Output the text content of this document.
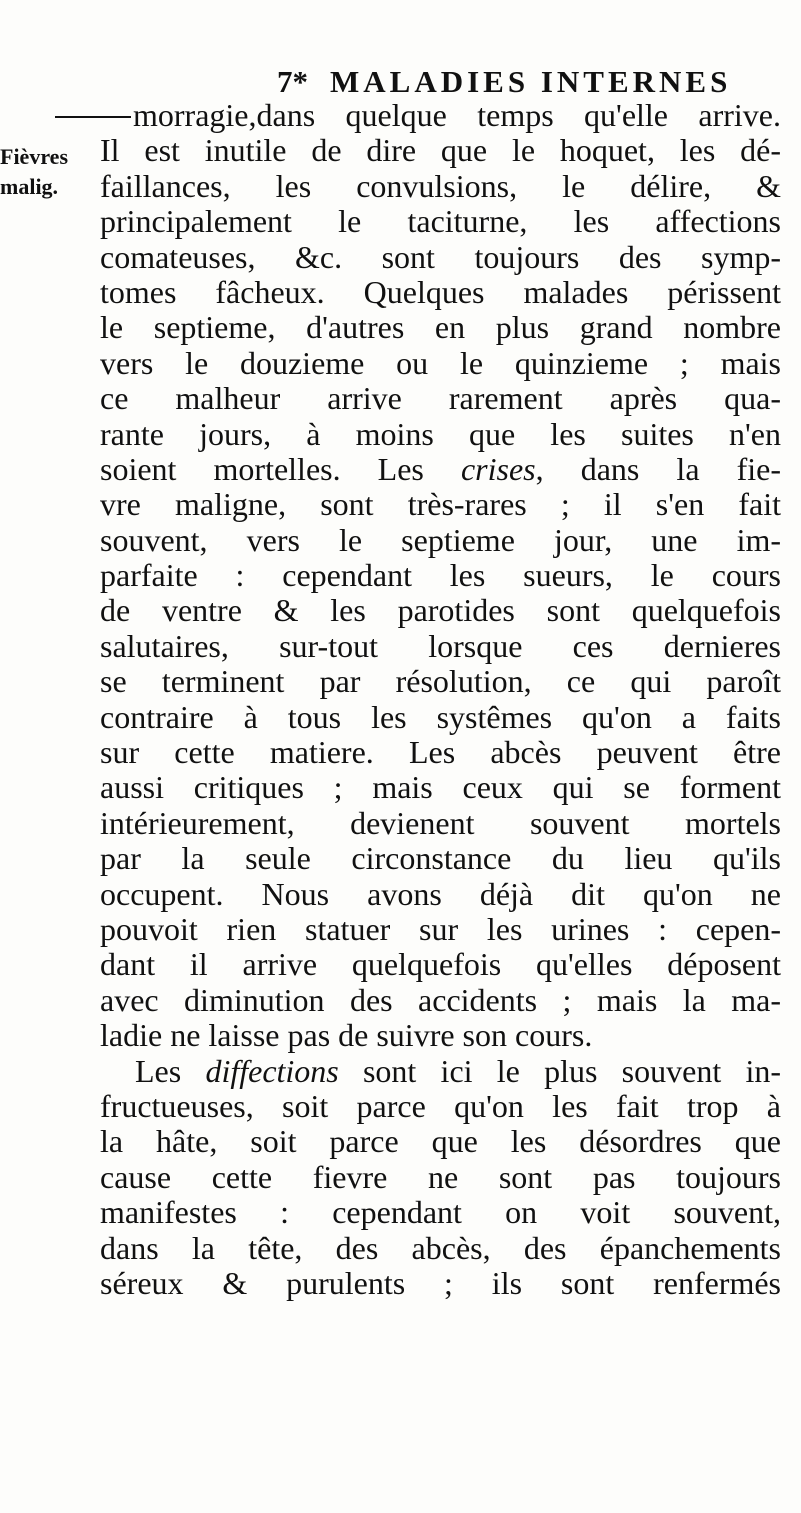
7* MALADIES INTERNES
Fièvres
malig.
morragie,dans quelque temps qu'elle arrive.
Il est inutile de dire que le hoquet, les dé-
faillances, les convulsions, le délire, &
principalement le taciturne, les affections
comateuses, &c. sont toujours des symp-
tomes fâcheux. Quelques malades périssent
le septieme, d'autres en plus grand nombre
vers le douzieme ou le quinzieme ; mais
ce malheur arrive rarement après qua-
rante jours, à moins que les suites n'en
soient mortelles. Les crises, dans la fie-
vre maligne, sont très-rares ; il s'en fait
souvent, vers le septieme jour, une im-
parfaite : cependant les sueurs, le cours
de ventre & les parotides sont quelquefois
salutaires, sur-tout lorsque ces dernieres
se terminent par résolution, ce qui paroît
contraire à tous les systêmes qu'on a faits
sur cette matiere. Les abcès peuvent être
aussi critiques ; mais ceux qui se forment
intérieurement, devienent souvent mortels
par la seule circonstance du lieu qu'ils
occupent. Nous avons déjà dit qu'on ne
pouvoit rien statuer sur les urines : cepen-
dant il arrive quelquefois qu'elles déposent
avec diminution des accidents ; mais la ma-
ladie ne laisse pas de suivre son cours.
Les diffections sont ici le plus souvent in-
fructueuses, soit parce qu'on les fait trop à
la hâte, soit parce que les désordres que
cause cette fievre ne sont pas toujours
manifestes : cependant on voit souvent,
dans la tête, des abcès, des épanchements
séreux & purulents ; ils sont renfermés
